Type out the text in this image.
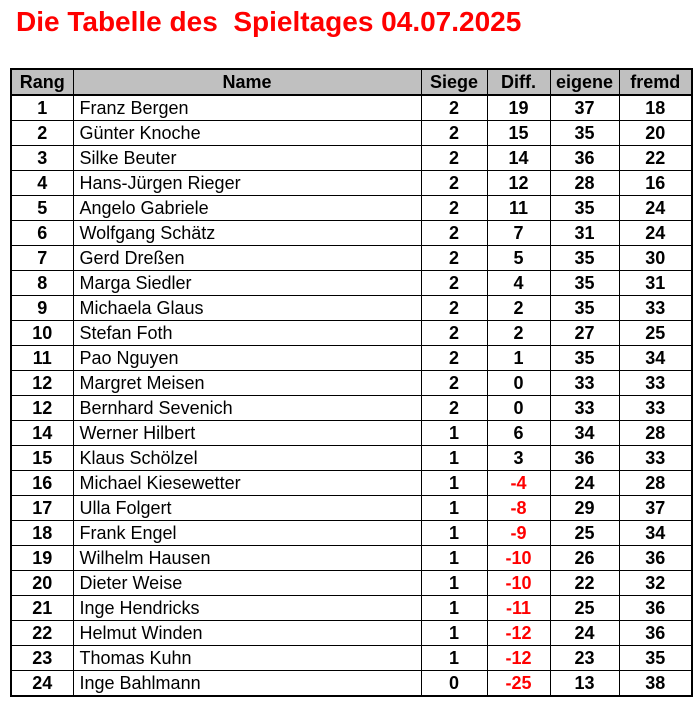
Die Tabelle des  Spieltages 04.07.2025
Rang	Name	Siege	Diff.	eigene	fremd
1	Franz Bergen	2	19	37	18
2	Günter Knoche	2	15	35	20
3	Silke Beuter	2	14	36	22
4	Hans-Jürgen Rieger	2	12	28	16
5	Angelo Gabriele	2	11	35	24
6	Wolfgang Schätz	2	7	31	24
7	Gerd Dreßen	2	5	35	30
8	Marga Siedler	2	4	35	31
9	Michaela Glaus	2	2	35	33
10	Stefan Foth	2	2	27	25
11	Pao Nguyen	2	1	35	34
12	Margret Meisen	2	0	33	33
12	Bernhard Sevenich	2	0	33	33
14	Werner Hilbert	1	6	34	28
15	Klaus Schölzel	1	3	36	33
16	Michael Kiesewetter	1	-4	24	28
17	Ulla Folgert	1	-8	29	37
18	Frank Engel	1	-9	25	34
19	Wilhelm Hausen	1	-10	26	36
20	Dieter Weise	1	-10	22	32
21	Inge Hendricks	1	-11	25	36
22	Helmut Winden	1	-12	24	36
23	Thomas Kuhn	1	-12	23	35
24	Inge Bahlmann	0	-25	13	38
